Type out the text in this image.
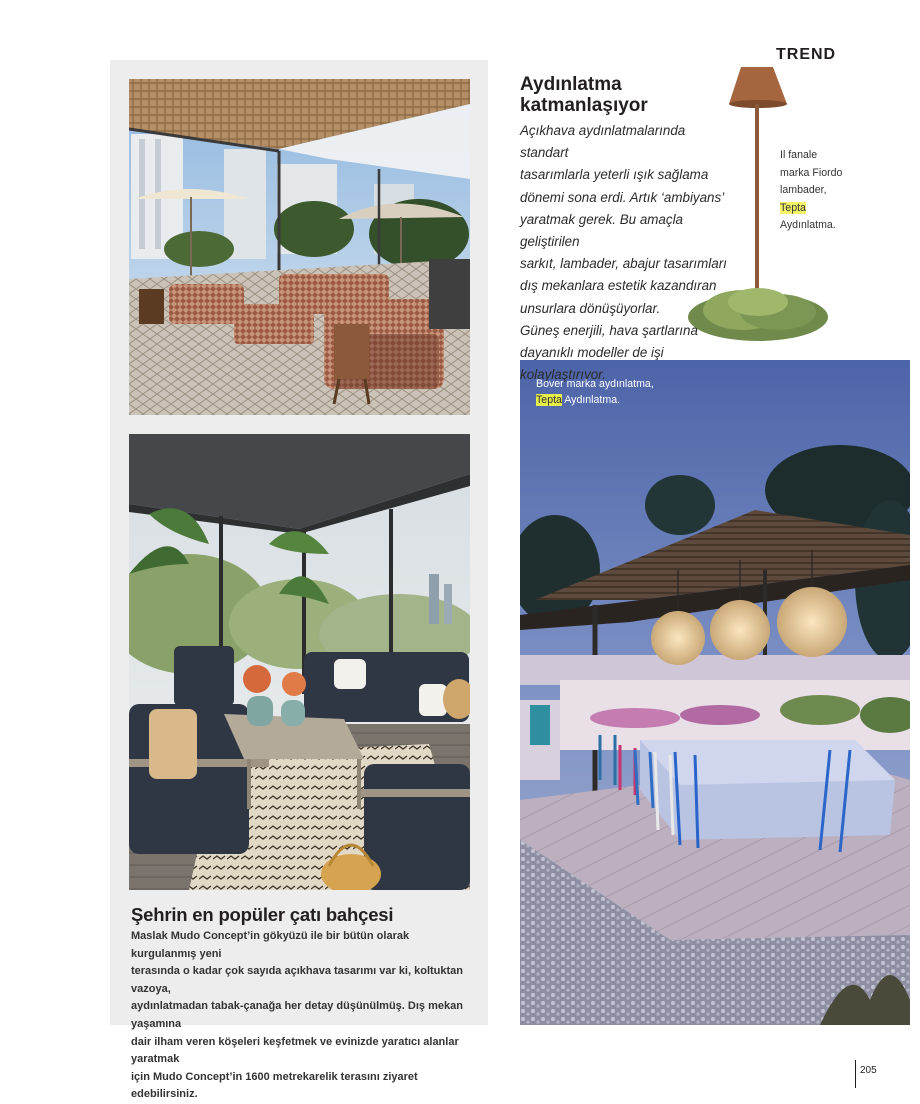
TREND
Aydınlatma
katmanlaşıyor

Açıkhava aydınlatmalarında standart

tasarımlarla yeterli ışık sağlama

dönemi sona erdi. Artık ‘ambiyans’

yaratmak gerek. Bu amaçla geliştirilen

sarkıt, lambader, abajur tasarımları

dış mekanlara estetik kazandıran

unsurlara dönüşüyorlar.

Güneş enerjili, hava şartlarına

dayanıklı modeller de işi

kolaylaştırıyor.

Il fanale
marka Fiordo
lambader,
Tepta
Aydınlatma.
Bover marka aydınlatma,
Tepta Aydınlatma.
Şehrin en popüler çatı bahçesi
Maslak Mudo Concept’in gökyüzü ile bir bütün olarak kurgulanmış yeni
terasında o kadar çok sayıda açıkhava tasarımı var ki, koltuktan vazoya,
aydınlatmadan tabak-çanağa her detay düşünülmüş. Dış mekan yaşamına
dair ilham veren köşeleri keşfetmek ve evinizde yaratıcı alanlar yaratmak
için Mudo Concept’in 1600 metrekarelik terasını ziyaret edebilirsiniz.
205
